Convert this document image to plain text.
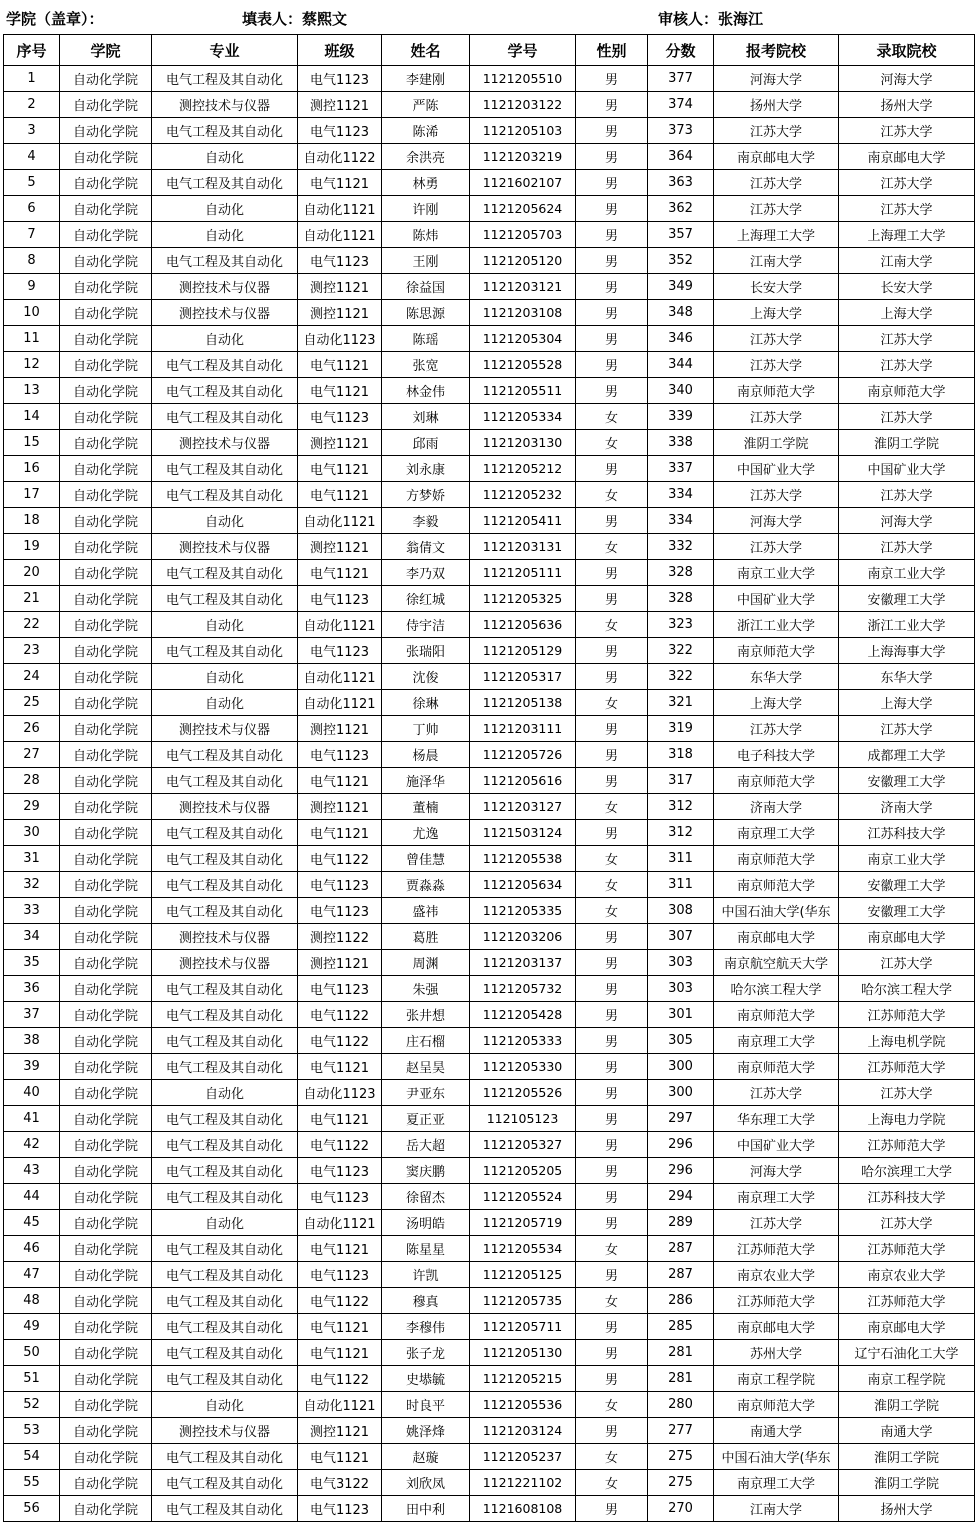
学院（盖章）：	填表人：蔡熙文	审核人：张海江
序号	学院	专业	班级	姓名	学号	性别	分数	报考院校	录取院校
1	自动化学院	电气工程及其自动化	电气1123	李建刚	1121205510	男	377	河海大学	河海大学
2	自动化学院	测控技术与仪器	测控1121	严陈	1121203122	男	374	扬州大学	扬州大学
3	自动化学院	电气工程及其自动化	电气1123	陈浠	1121205103	男	373	江苏大学	江苏大学
4	自动化学院	自动化	自动化1122	余洪亮	1121203219	男	364	南京邮电大学	南京邮电大学
5	自动化学院	电气工程及其自动化	电气1121	林勇	1121602107	男	363	江苏大学	江苏大学
6	自动化学院	自动化	自动化1121	许刚	1121205624	男	362	江苏大学	江苏大学
7	自动化学院	自动化	自动化1121	陈炜	1121205703	男	357	上海理工大学	上海理工大学
8	自动化学院	电气工程及其自动化	电气1123	王刚	1121205120	男	352	江南大学	江南大学
9	自动化学院	测控技术与仪器	测控1121	徐益国	1121203121	男	349	长安大学	长安大学
10	自动化学院	测控技术与仪器	测控1121	陈思源	1121203108	男	348	上海大学	上海大学
11	自动化学院	自动化	自动化1123	陈瑶	1121205304	男	346	江苏大学	江苏大学
12	自动化学院	电气工程及其自动化	电气1121	张宽	1121205528	男	344	江苏大学	江苏大学
13	自动化学院	电气工程及其自动化	电气1121	林金伟	1121205511	男	340	南京师范大学	南京师范大学
14	自动化学院	电气工程及其自动化	电气1123	刘琳	1121205334	女	339	江苏大学	江苏大学
15	自动化学院	测控技术与仪器	测控1121	邱雨	1121203130	女	338	淮阴工学院	淮阴工学院
16	自动化学院	电气工程及其自动化	电气1121	刘永康	1121205212	男	337	中国矿业大学	中国矿业大学
17	自动化学院	电气工程及其自动化	电气1121	方梦娇	1121205232	女	334	江苏大学	江苏大学
18	自动化学院	自动化	自动化1121	李毅	1121205411	男	334	河海大学	河海大学
19	自动化学院	测控技术与仪器	测控1121	翁倩文	1121203131	女	332	江苏大学	江苏大学
20	自动化学院	电气工程及其自动化	电气1121	李乃双	1121205111	男	328	南京工业大学	南京工业大学
21	自动化学院	电气工程及其自动化	电气1123	徐红城	1121205325	男	328	中国矿业大学	安徽理工大学
22	自动化学院	自动化	自动化1121	侍宇洁	1121205636	女	323	浙江工业大学	浙江工业大学
23	自动化学院	电气工程及其自动化	电气1123	张瑞阳	1121205129	男	322	南京师范大学	上海海事大学
24	自动化学院	自动化	自动化1121	沈俊	1121205317	男	322	东华大学	东华大学
25	自动化学院	自动化	自动化1121	徐琳	1121205138	女	321	上海大学	上海大学
26	自动化学院	测控技术与仪器	测控1121	丁帅	1121203111	男	319	江苏大学	江苏大学
27	自动化学院	电气工程及其自动化	电气1123	杨晨	1121205726	男	318	电子科技大学	成都理工大学
28	自动化学院	电气工程及其自动化	电气1121	施泽华	1121205616	男	317	南京师范大学	安徽理工大学
29	自动化学院	测控技术与仪器	测控1121	董楠	1121203127	女	312	济南大学	济南大学
30	自动化学院	电气工程及其自动化	电气1121	尤逸	1121503124	男	312	南京理工大学	江苏科技大学
31	自动化学院	电气工程及其自动化	电气1122	曾佳慧	1121205538	女	311	南京师范大学	南京工业大学
32	自动化学院	电气工程及其自动化	电气1123	贾淼淼	1121205634	女	311	南京师范大学	安徽理工大学
33	自动化学院	电气工程及其自动化	电气1123	盛祎	1121205335	女	308	中国石油大学(华东	安徽理工大学
34	自动化学院	测控技术与仪器	测控1122	葛胜	1121203206	男	307	南京邮电大学	南京邮电大学
35	自动化学院	测控技术与仪器	测控1121	周渊	1121203137	男	303	南京航空航天大学	江苏大学
36	自动化学院	电气工程及其自动化	电气1123	朱强	1121205732	男	303	哈尔滨工程大学	哈尔滨工程大学
37	自动化学院	电气工程及其自动化	电气1122	张井想	1121205428	男	301	南京师范大学	江苏师范大学
38	自动化学院	电气工程及其自动化	电气1122	庄石榴	1121205333	男	305	南京理工大学	上海电机学院
39	自动化学院	电气工程及其自动化	电气1121	赵呈昊	1121205330	男	300	南京师范大学	江苏师范大学
40	自动化学院	自动化	自动化1123	尹亚东	1121205526	男	300	江苏大学	江苏大学
41	自动化学院	电气工程及其自动化	电气1121	夏正亚	112105123	男	297	华东理工大学	上海电力学院
42	自动化学院	电气工程及其自动化	电气1122	岳大超	1121205327	男	296	中国矿业大学	江苏师范大学
43	自动化学院	电气工程及其自动化	电气1123	窦庆鹏	1121205205	男	296	河海大学	哈尔滨理工大学
44	自动化学院	电气工程及其自动化	电气1123	徐留杰	1121205524	男	294	南京理工大学	江苏科技大学
45	自动化学院	自动化	自动化1121	汤明皓	1121205719	男	289	江苏大学	江苏大学
46	自动化学院	电气工程及其自动化	电气1121	陈星星	1121205534	女	287	江苏师范大学	江苏师范大学
47	自动化学院	电气工程及其自动化	电气1123	许凯	1121205125	男	287	南京农业大学	南京农业大学
48	自动化学院	电气工程及其自动化	电气1122	穆真	1121205735	女	286	江苏师范大学	江苏师范大学
49	自动化学院	电气工程及其自动化	电气1121	李穆伟	1121205711	男	285	南京邮电大学	南京邮电大学
50	自动化学院	电气工程及其自动化	电气1121	张子龙	1121205130	男	281	苏州大学	辽宁石油化工大学
51	自动化学院	电气工程及其自动化	电气1122	史塨毓	1121205215	男	281	南京工程学院	南京工程学院
52	自动化学院	自动化	自动化1121	时良平	1121205536	女	280	南京师范大学	淮阴工学院
53	自动化学院	测控技术与仪器	测控1121	姚泽烽	1121203124	男	277	南通大学	南通大学
54	自动化学院	电气工程及其自动化	电气1121	赵璇	1121205237	女	275	中国石油大学(华东	淮阴工学院
55	自动化学院	电气工程及其自动化	电气3122	刘欣凤	1121221102	女	275	南京理工大学	淮阴工学院
56	自动化学院	电气工程及其自动化	电气1123	田中利	1121608108	男	270	江南大学	扬州大学
